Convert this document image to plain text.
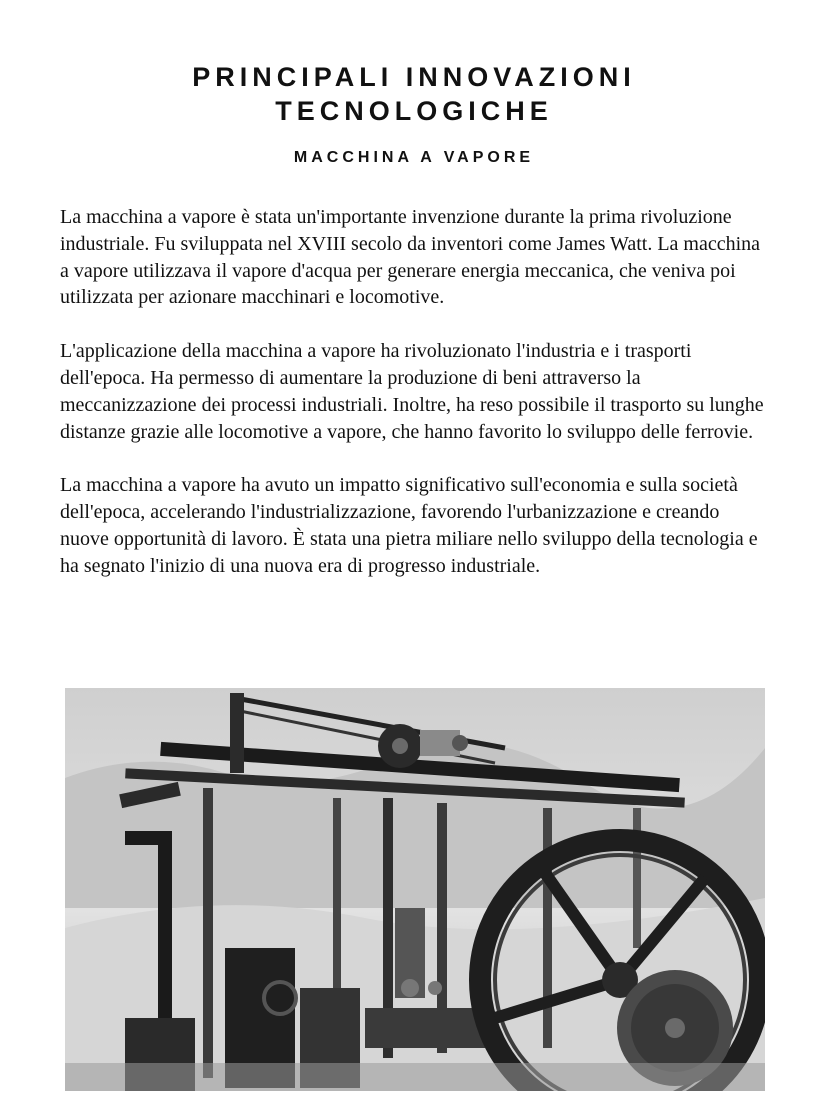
PRINCIPALI INNOVAZIONI
TECNOLOGICHE
MACCHINA A VAPORE

La macchina a vapore è stata un'importante invenzione durante la prima rivoluzione industriale. Fu sviluppata nel XVIII secolo da inventori come James Watt. La macchina a vapore utilizzava il vapore d'acqua per generare energia meccanica, che veniva poi utilizzata per azionare macchinari e locomotive.

L'applicazione della macchina a vapore ha rivoluzionato l'industria e i trasporti dell'epoca. Ha permesso di aumentare la produzione di beni attraverso la meccanizzazione dei processi industriali. Inoltre, ha reso possibile il trasporto su lunghe distanze grazie alle locomotive a vapore, che hanno favorito lo sviluppo delle ferrovie.

La macchina a vapore ha avuto un impatto significativo sull'economia e sulla società dell'epoca, accelerando l'industrializzazione, favorendo l'urbanizzazione e creando nuove opportunità di lavoro. È stata una pietra miliare nello sviluppo della tecnologia e ha segnato l'inizio di una nuova era di progresso industriale.
